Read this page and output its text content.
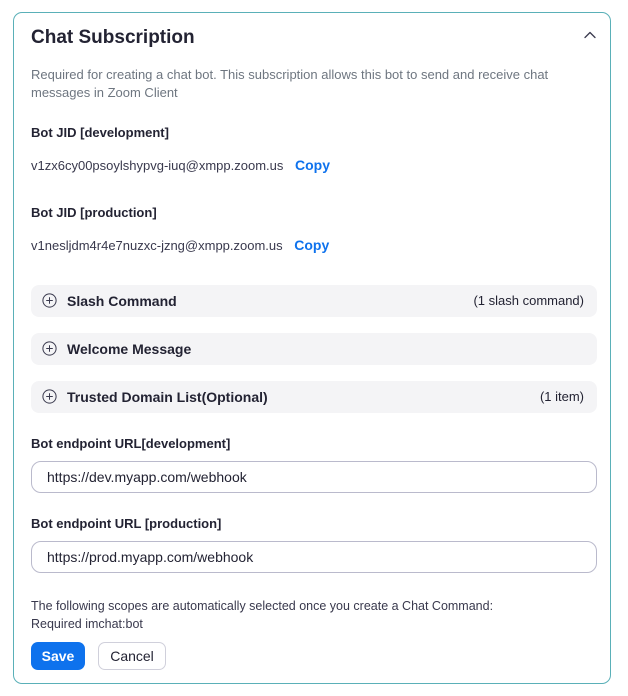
Chat Subscription
Required for creating a chat bot. This subscription allows this bot to send and receive chat messages in Zoom Client
Bot JID [development]
v1zx6cy00psoylshypvg-iuq@xmpp.zoom.us Copy
Bot JID [production]
v1nesljdm4r4e7nuzxc-jzng@xmpp.zoom.us Copy
Slash Command	(1 slash command)
Welcome Message
Trusted Domain List(Optional)	(1 item)
Bot endpoint URL[development]
https://dev.myapp.com/webhook
Bot endpoint URL [production]
https://prod.myapp.com/webhook
The following scopes are automatically selected once you create a Chat Command:
Required imchat:bot
Save	Cancel
